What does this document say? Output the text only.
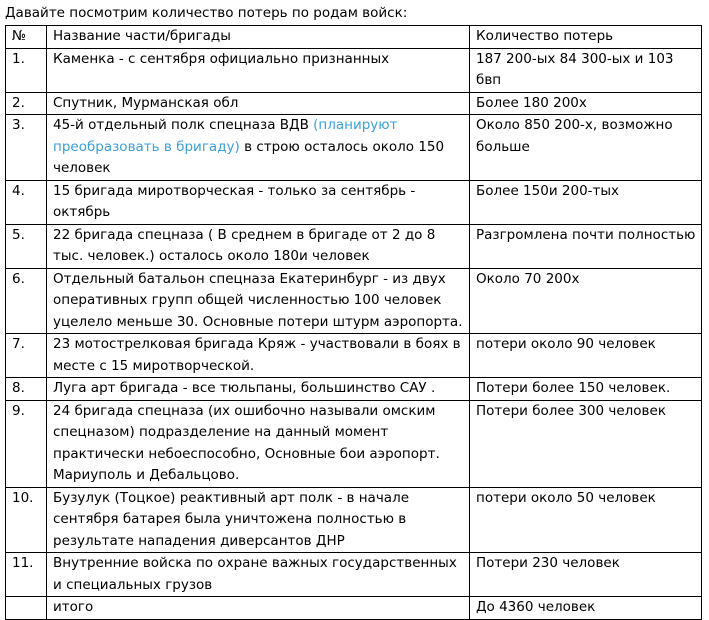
Давайте посмотрим количество потерь по родам войск:
№	Название части/бригады	Количество потерь
1.	Каменка - с сентября официально признанных	187 200-ых 84 300-ых и 103 бвп
2.	Спутник, Мурманская обл	Более 180 200х
3.	45-й отдельный полк спецназа ВДВ (планируют преобразовать в бригаду) в строю осталось около 150 человек	Около 850 200-х, возможно больше
4.	15 бригада миротворческая - только за сентябрь - октябрь	Более 150и 200-тых
5.	22 бригада спецназа ( В среднем в бригаде от 2 до 8 тыс. человек.) осталось около 180и человек	Разгромлена почти полностью
6.	Отдельный батальон спецназа Екатеринбург - из двух оперативных групп общей численностью 100 человек уцелело меньше 30. Основные потери штурм аэропорта.	Около 70 200х
7.	23 мотострелковая бригада Кряж - участвовали в боях в месте с 15 миротворческой.	потери около 90 человек
8.	Луга арт бригада - все тюльпаны, большинство САУ .	Потери более 150 человек.
9.	24 бригада спецназа (их ошибочно называли омским спецназом) подразделение на данный момент практически небоеспособно, Основные бои аэропорт. Мариуполь и Дебальцово.	Потери более 300 человек
10.	Бузулук (Тоцкое) реактивный арт полк - в начале сентября батарея была уничтожена полностью в результате нападения диверсантов ДНР	потери около 50 человек
11.	Внутренние войска по охране важных государственных и специальных грузов	Потери 230 человек
	итого	До 4360 человек
